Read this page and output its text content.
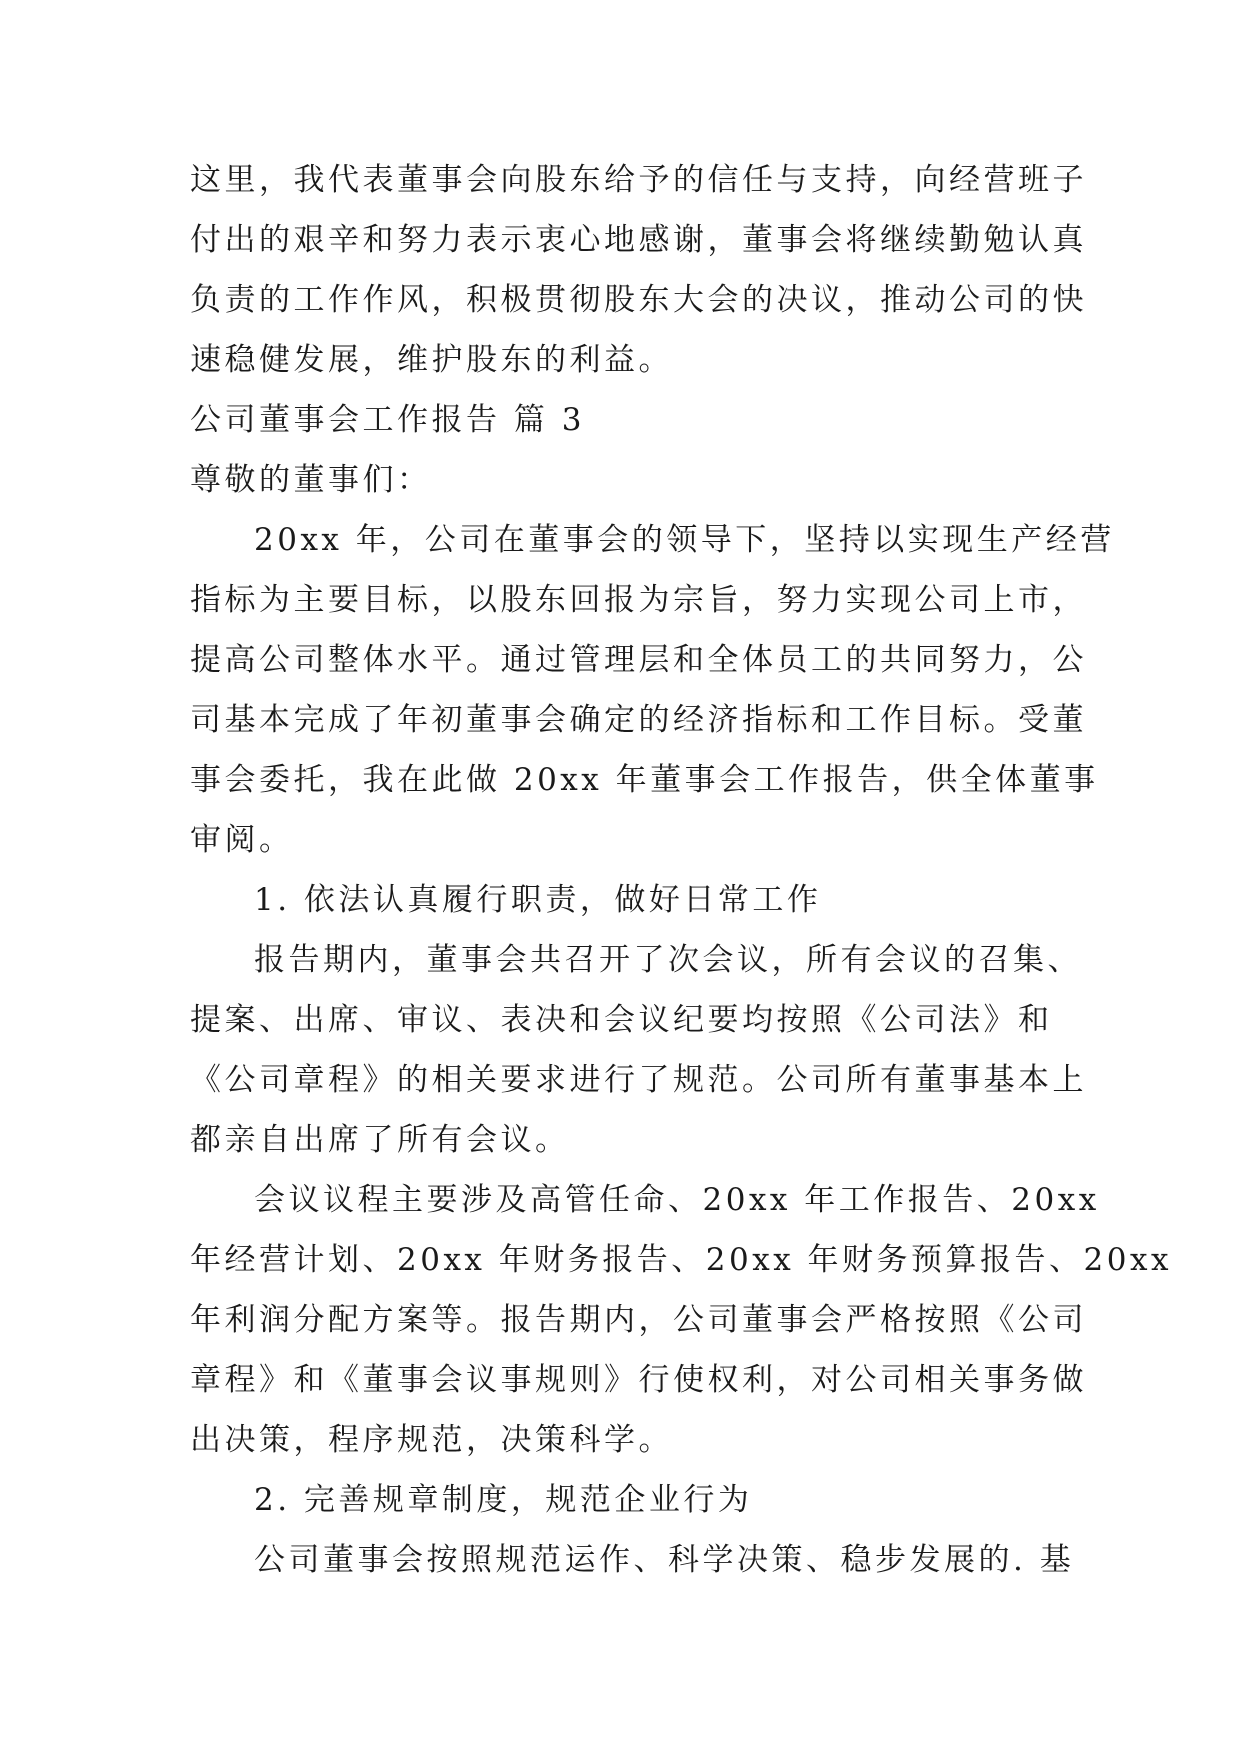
这里，我代表董事会向股东给予的信任与支持，向经营班子

付出的艰辛和努力表示衷心地感谢，董事会将继续勤勉认真

负责的工作作风，积极贯彻股东大会的决议，推动公司的快

速稳健发展，维护股东的利益。

公司董事会工作报告 篇 3

尊敬的董事们：

20xx 年，公司在董事会的领导下，坚持以实现生产经营

指标为主要目标，以股东回报为宗旨，努力实现公司上市，

提高公司整体水平。通过管理层和全体员工的共同努力，公

司基本完成了年初董事会确定的经济指标和工作目标。受董

事会委托，我在此做 20xx 年董事会工作报告，供全体董事

审阅。

1. 依法认真履行职责，做好日常工作

报告期内，董事会共召开了次会议，所有会议的召集、

提案、出席、审议、表决和会议纪要均按照《公司法》和

《公司章程》的相关要求进行了规范。公司所有董事基本上

都亲自出席了所有会议。

会议议程主要涉及高管任命、20xx 年工作报告、20xx

年经营计划、20xx 年财务报告、20xx 年财务预算报告、20xx

年利润分配方案等。报告期内，公司董事会严格按照《公司

章程》和《董事会议事规则》行使权利，对公司相关事务做

出决策，程序规范，决策科学。

2. 完善规章制度，规范企业行为

公司董事会按照规范运作、科学决策、稳步发展的. 基
